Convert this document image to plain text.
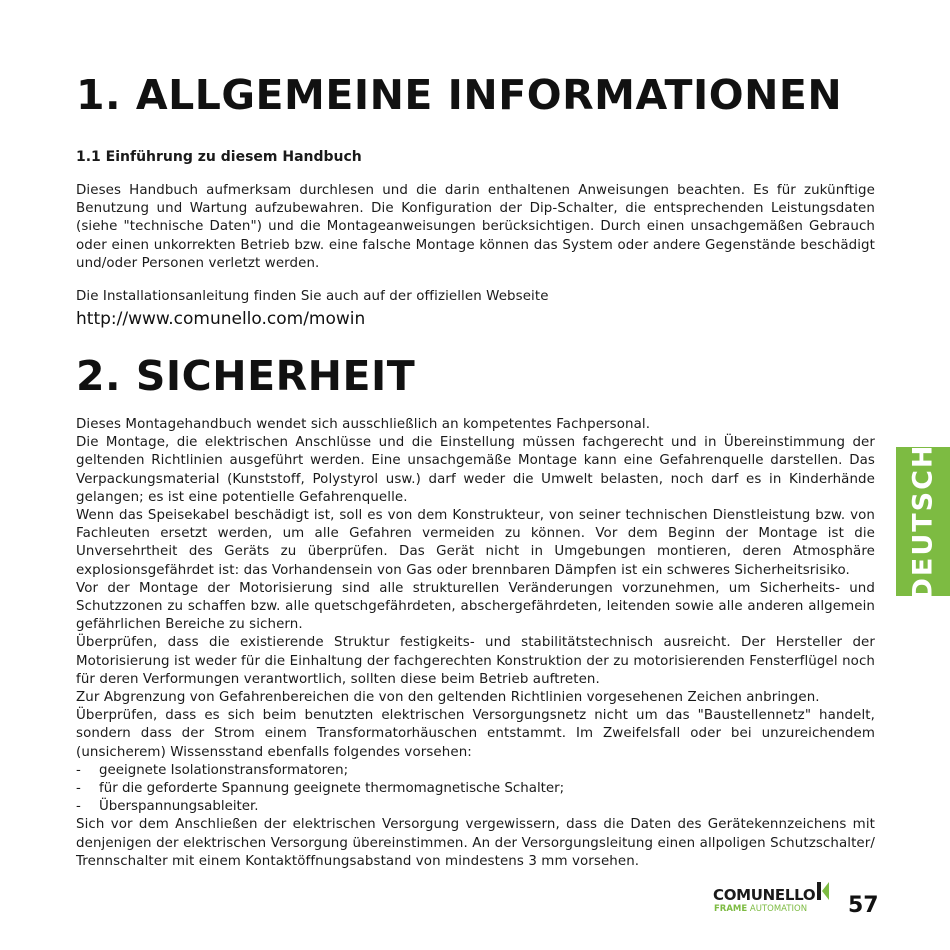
1. ALLGEMEINE INFORMATIONEN
1.1 Einführung zu diesem Handbuch

Dieses Handbuch aufmerksam durchlesen und die darin enthaltenen Anweisungen beachten. Es für zukünftige Benutzung und Wartung aufzubewahren. Die Konfiguration der Dip-Schalter, die entsprechenden Leistungsdaten (siehe "technische Daten") und die Montageanweisungen berücksichtigen. Durch einen unsachgemäßen Gebrauch oder einen unkorrekten Betrieb bzw. eine falsche Montage können das System oder andere Gegenstände beschädigt und/oder Personen verletzt werden.

Die Installationsanleitung finden Sie auch auf der offiziellen Webseite

http://www.comunello.com/mowin
2. SICHERHEIT

Dieses Montagehandbuch wendet sich ausschließlich an kompetentes Fachpersonal.

Die Montage, die elektrischen Anschlüsse und die Einstellung müssen fachgerecht und in Übereinstimmung der geltenden Richtlinien ausgeführt werden. Eine unsachgemäße Montage kann eine Gefahrenquelle darstellen. Das Verpackungsmaterial (Kunststoff, Polystyrol usw.) darf weder die Umwelt belasten, noch darf es in Kinderhände gelangen; es ist eine potentielle Gefahrenquelle.

Wenn das Speisekabel beschädigt ist, soll es von dem Konstrukteur, von seiner technischen Dienstleistung bzw. von Fachleuten ersetzt werden, um alle Gefahren vermeiden zu können. Vor dem Beginn der Montage ist die Unversehrtheit des Geräts zu überprüfen. Das Gerät nicht in Umgebungen montieren, deren Atmosphäre explosionsgefährdet ist: das Vorhandensein von Gas oder brennbaren Dämpfen ist ein schweres Sicherheitsrisiko.

Vor der Montage der Motorisierung sind alle strukturellen Veränderungen vorzunehmen, um Sicherheits- und Schutzzonen zu schaffen bzw. alle quetschgefährdeten, abschergefährdeten, leitenden sowie alle anderen allgemein gefährlichen Bereiche zu sichern.

Überprüfen, dass die existierende Struktur festigkeits- und stabilitätstechnisch ausreicht. Der Hersteller der Motorisierung ist weder für die Einhaltung der fachgerechten Konstruktion der zu motorisierenden Fensterflügel noch für deren Verformungen verantwortlich, sollten diese beim Betrieb auftreten.

Zur Abgrenzung von Gefahrenbereichen die von den geltenden Richtlinien vorgesehenen Zeichen anbringen.

Überprüfen, dass es sich beim benutzten elektrischen Versorgungsnetz nicht um das "Baustellennetz" handelt, sondern dass der Strom einem Transformatorhäuschen entstammt. Im Zweifelsfall oder bei unzureichendem (unsicherem) Wissensstand ebenfalls folgendes vorsehen:

-	geeignete Isolationstransformatoren;
-	für die geforderte Spannung geeignete thermomagnetische Schalter;
-	Überspannungsableiter.

Sich vor dem Anschließen der elektrischen Versorgung vergewissern, dass die Daten des Gerätekennzeichens mit denjenigen der elektrischen Versorgung übereinstimmen. An der Versorgungsleitung einen allpoligen Schutzschalter/ Trennschalter mit einem Kontaktöffnungsabstand von mindestens 3 mm vorsehen.

DEUTSCH
COMUNELLO
FRAME AUTOMATION 57
